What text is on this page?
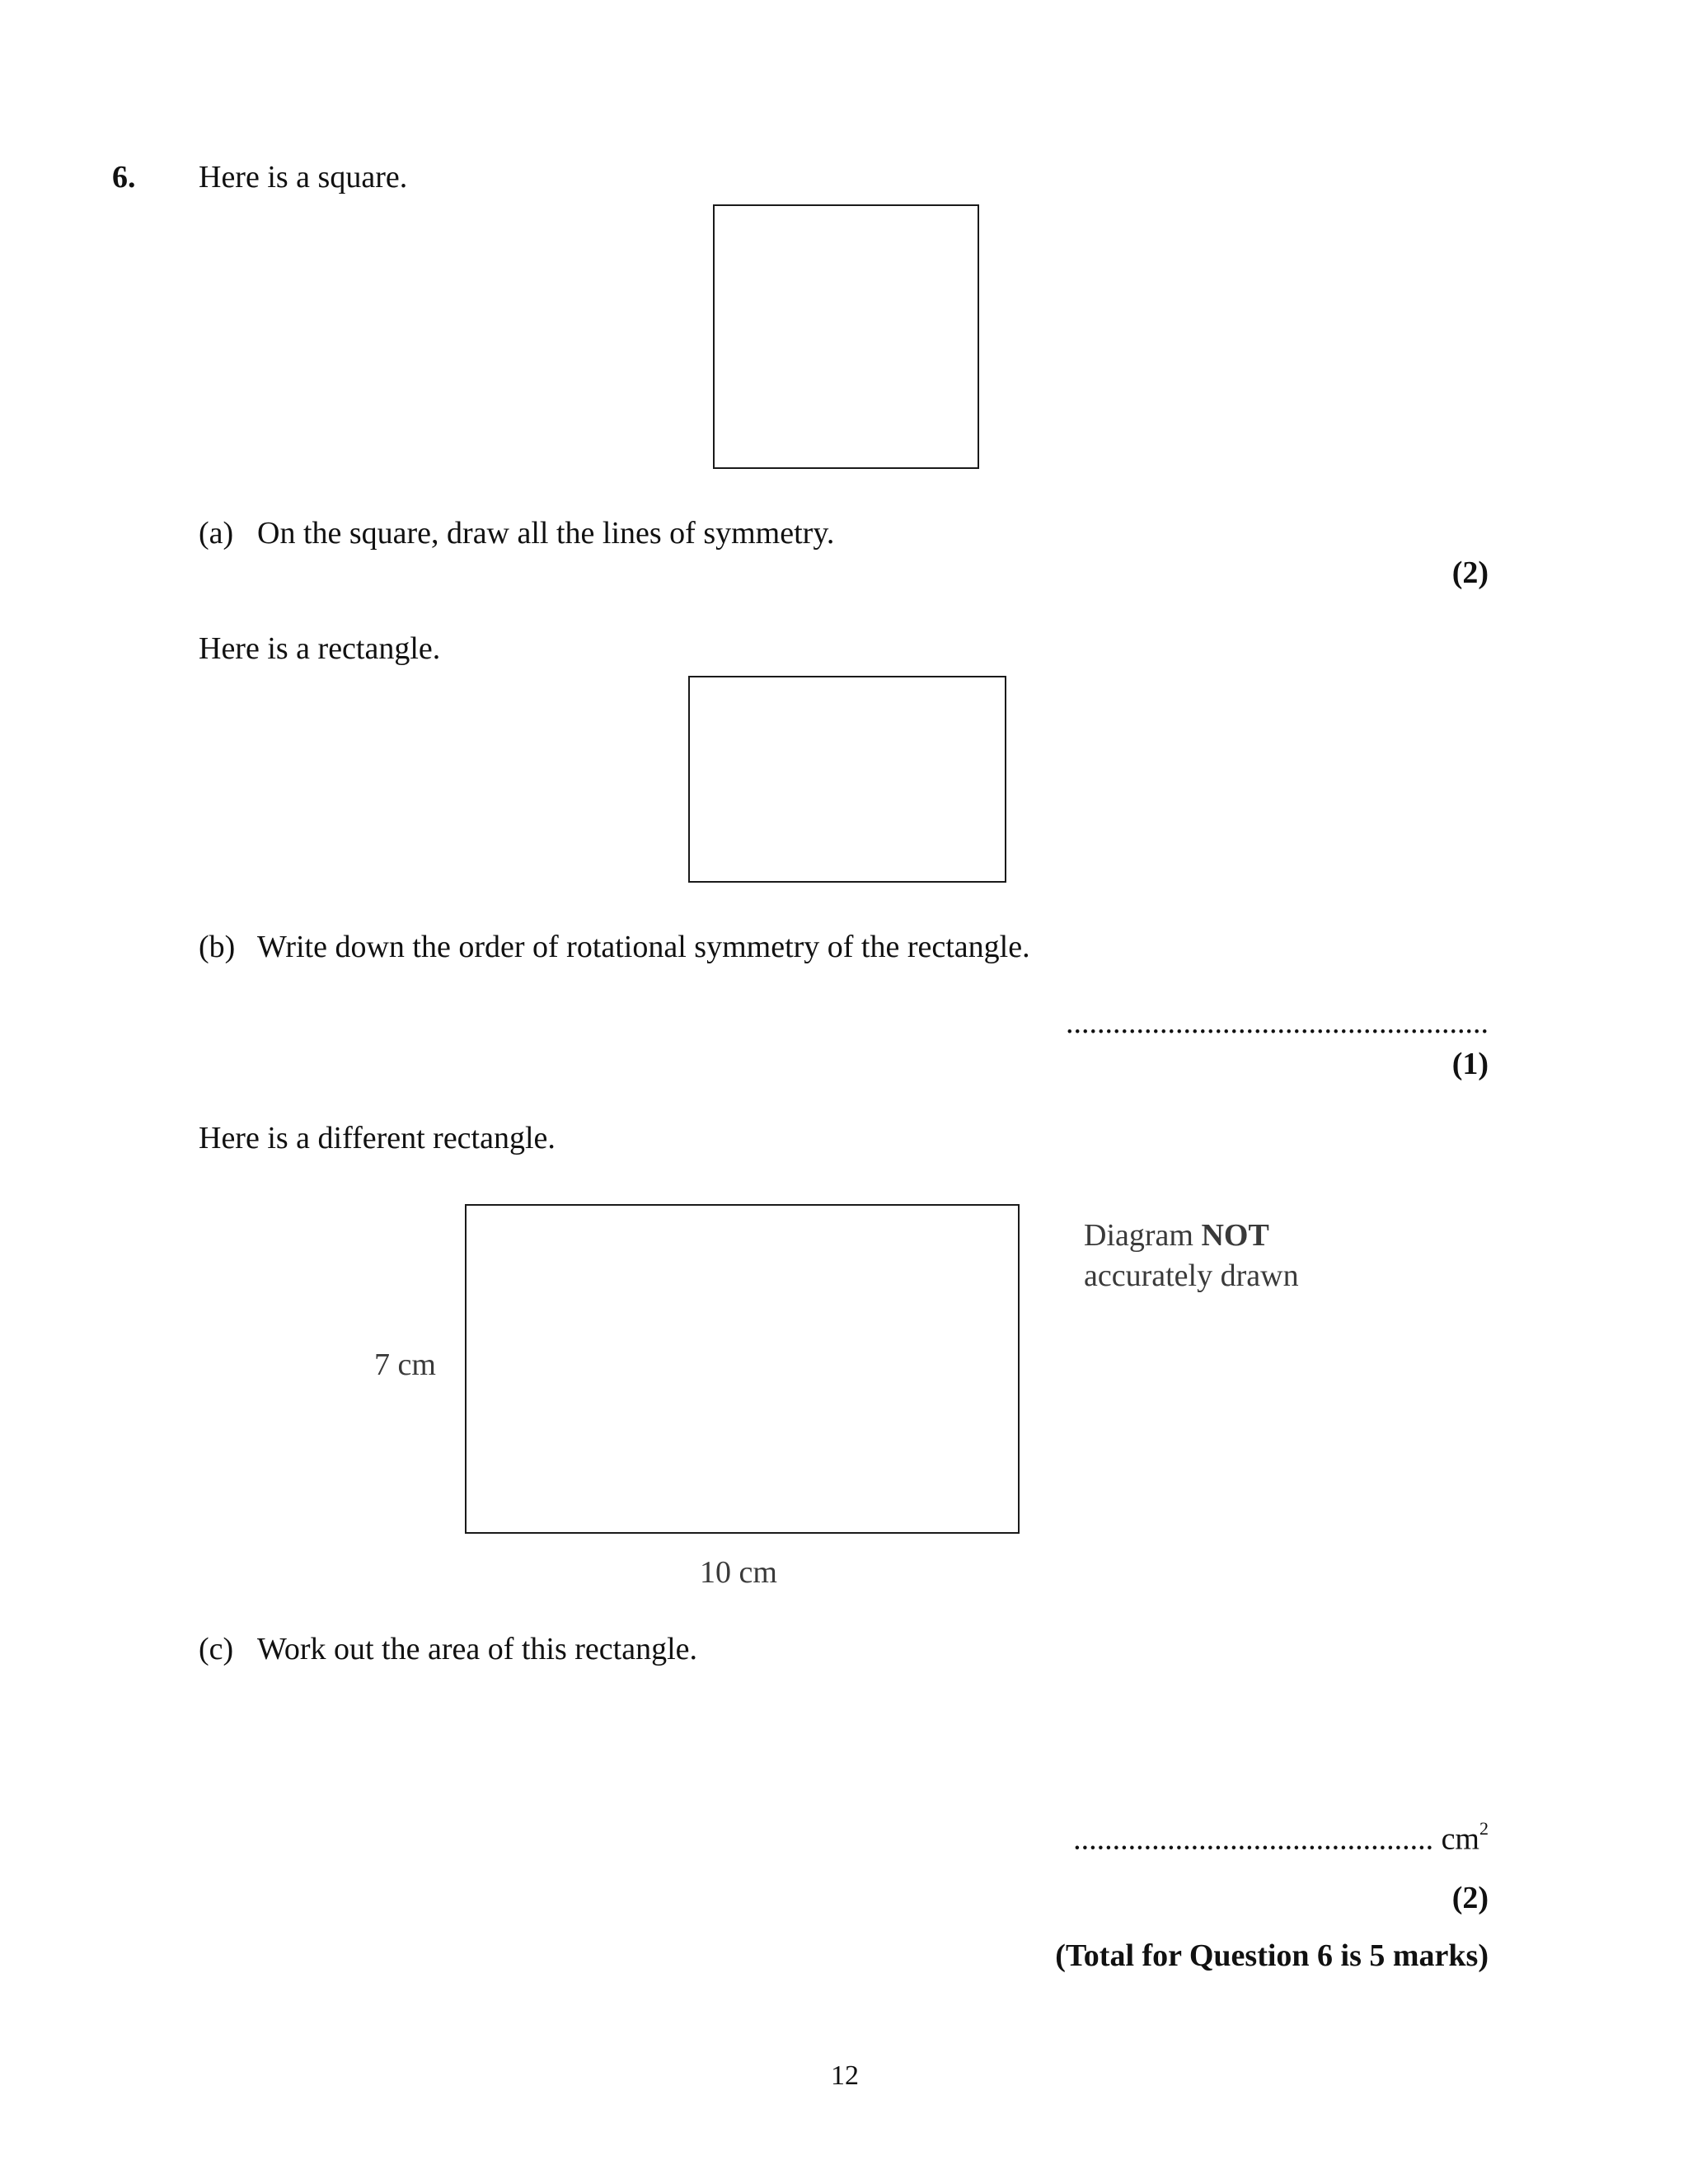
6. Here is a square.
(a) On the square, draw all the lines of symmetry.
(2)
Here is a rectangle.
(b) Write down the order of rotational symmetry of the rectangle.
......................................................
(1)
Here is a different rectangle.
Diagram NOT
accurately drawn
7 cm
10 cm
(c) Work out the area of this rectangle.
.............................................. $cm^2$
(2)
(Total for Question 6 is 5 marks)
12
